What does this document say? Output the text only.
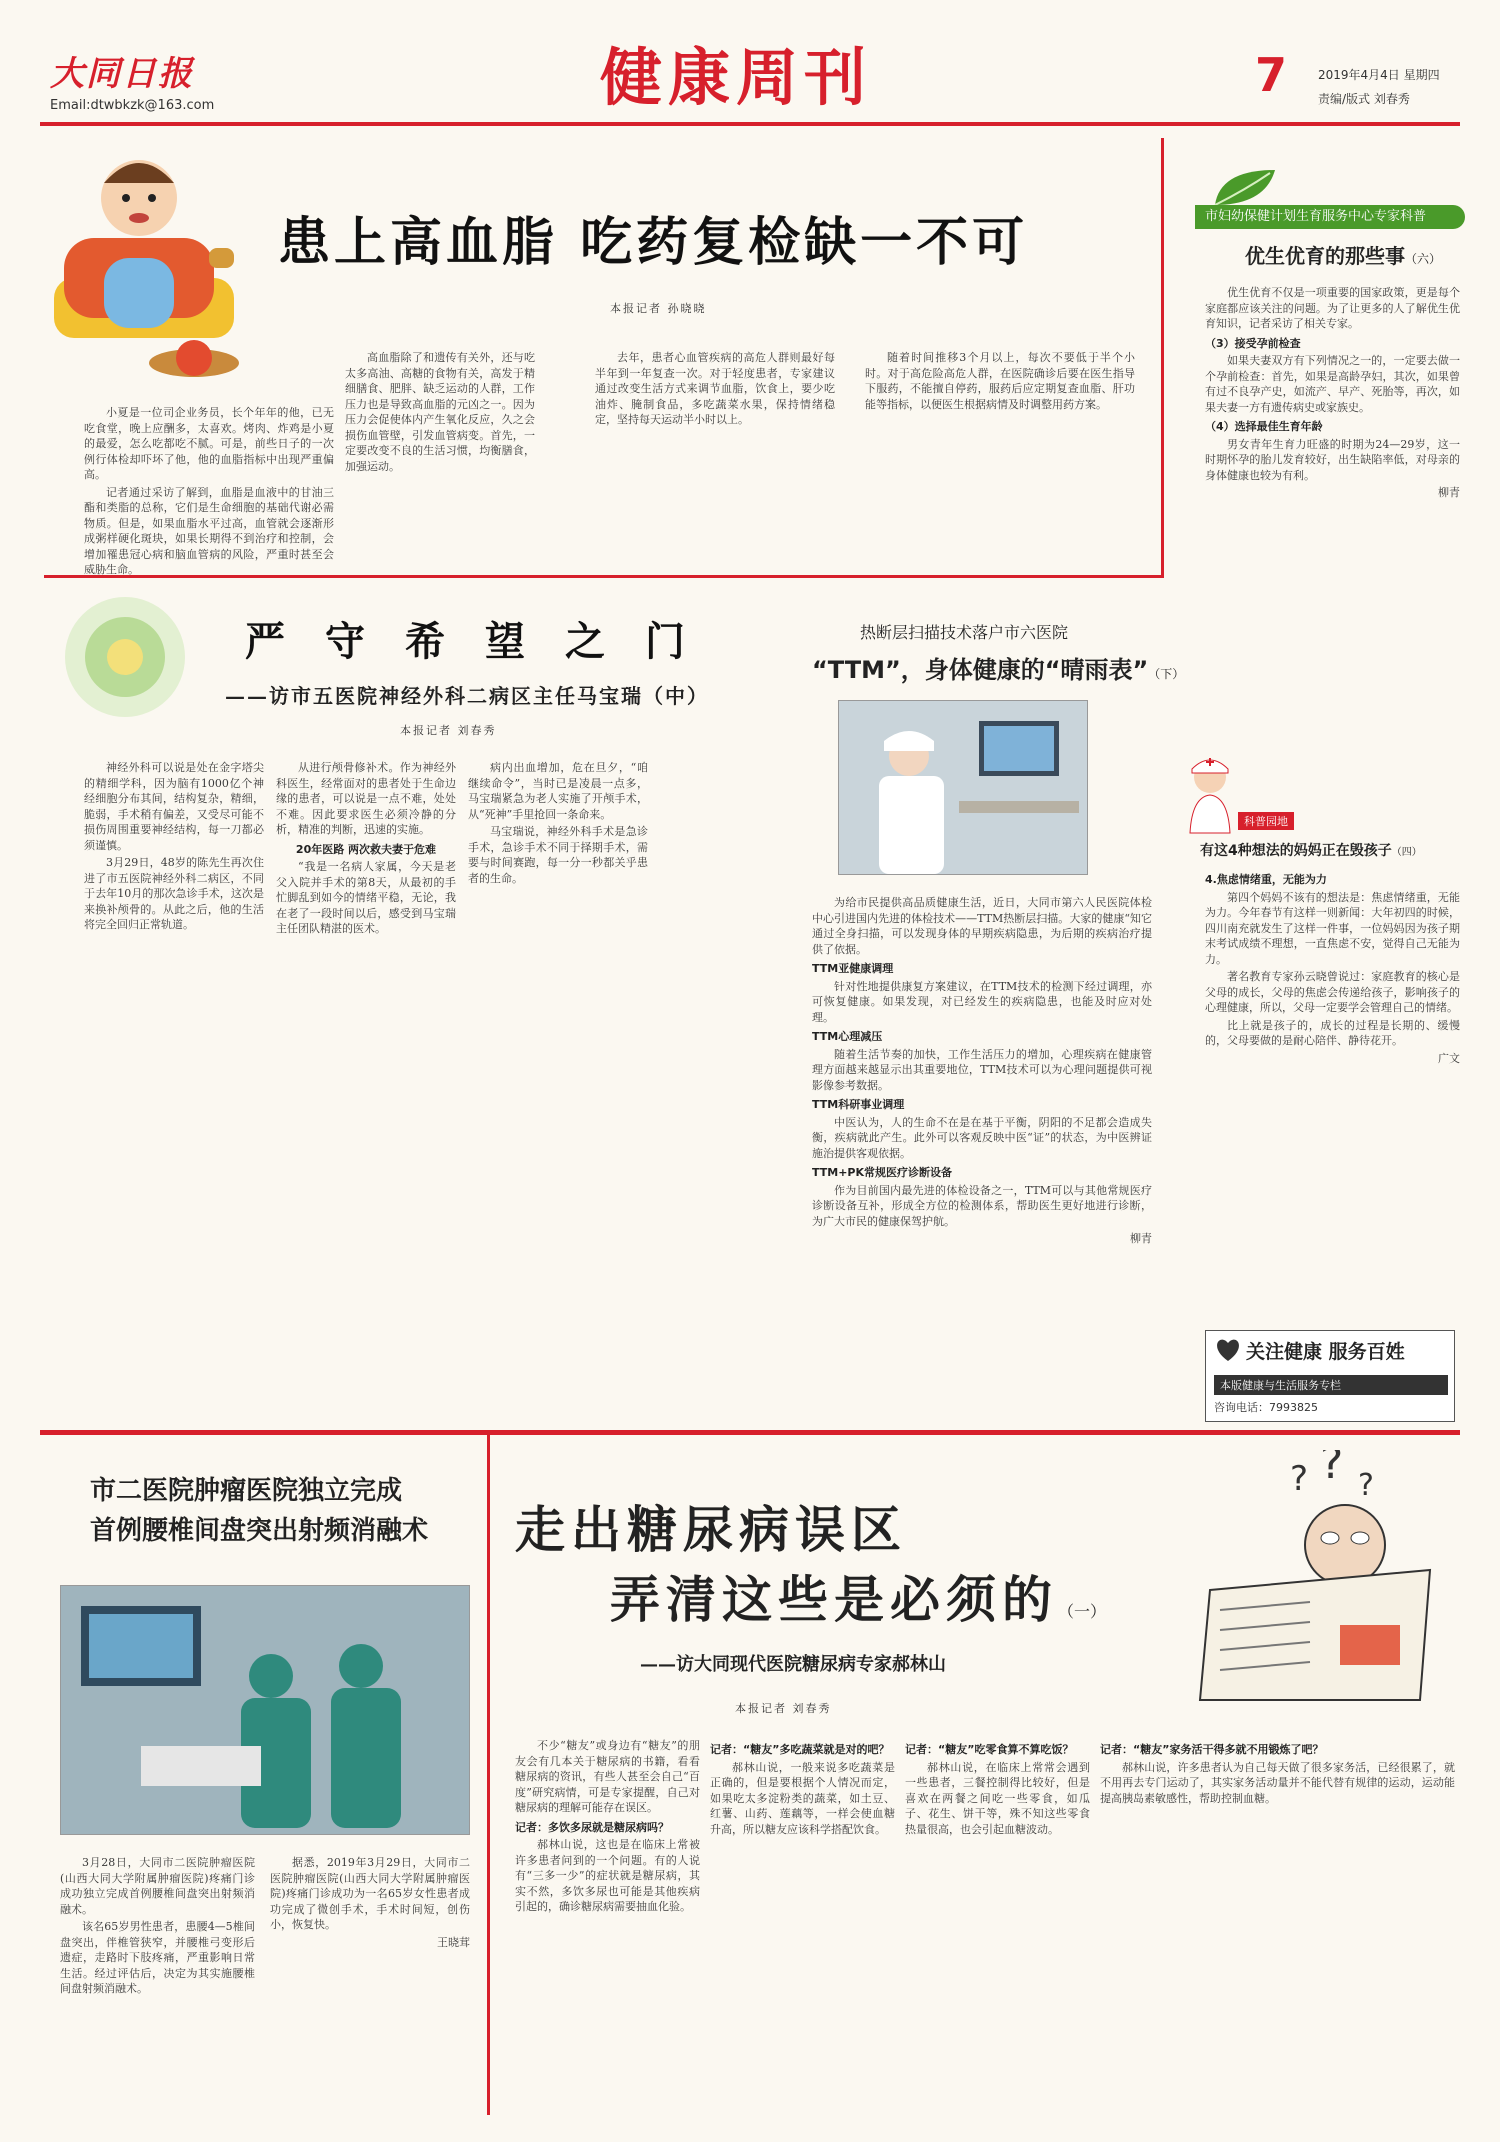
大同日报
Email:dtwbkzk@163.com	健康周刊	7	2019年4月4日 星期四
责编/版式 刘春秀
患上高血脂 吃药复检缺一不可
本报记者 孙晓晓

小夏是一位司企业务员，长个年年的他，已无吃食堂，晚上应酬多，太喜欢。烤肉、炸鸡是小夏的最爱，怎么吃都吃不腻。可是，前些日子的一次例行体检却吓坏了他，他的血脂指标中出现严重偏高。

记者通过采访了解到，血脂是血液中的甘油三酯和类脂的总称，它们是生命细胞的基础代谢必需物质。但是，如果血脂水平过高，血管就会逐渐形成粥样硬化斑块，如果长期得不到治疗和控制，会增加罹患冠心病和脑血管病的风险，严重时甚至会威胁生命。

高血脂除了和遗传有关外，还与吃太多高油、高糖的食物有关，高发于精细膳食、肥胖、缺乏运动的人群，工作压力也是导致高血脂的元凶之一。因为压力会促使体内产生氧化反应，久之会损伤血管壁，引发血管病变。首先，一定要改变不良的生活习惯，均衡膳食，加强运动。

去年，患者心血管疾病的高危人群则最好每半年到一年复查一次。对于轻度患者，专家建议通过改变生活方式来调节血脂，饮食上，要少吃油炸、腌制食品，多吃蔬菜水果，保持情绪稳定，坚持每天运动半小时以上。

随着时间推移3个月以上，每次不要低于半个小时。对于高危险高危人群，在医院确诊后要在医生指导下服药，不能擅自停药，服药后应定期复查血脂、肝功能等指标，以便医生根据病情及时调整用药方案。

市妇幼保健计划生育服务中心专家科普
优生优育的那些事（六）

优生优育不仅是一项重要的国家政策，更是每个家庭都应该关注的问题。为了让更多的人了解优生优育知识，记者采访了相关专家。

（3）接受孕前检查

如果夫妻双方有下列情况之一的，一定要去做一个孕前检查：首先，如果是高龄孕妇，其次，如果曾有过不良孕产史，如流产、早产、死胎等，再次，如果夫妻一方有遗传病史或家族史。

（4）选择最佳生育年龄

男女青年生育力旺盛的时期为24—29岁，这一时期怀孕的胎儿发育较好，出生缺陷率低，对母亲的身体健康也较为有利。

柳青

严守希望之门
——访市五医院神经外科二病区主任马宝瑞（中）
本报记者 刘春秀

神经外科可以说是处在金字塔尖的精细学科，因为脑有1000亿个神经细胞分布其间，结构复杂，精细，脆弱，手术稍有偏差，又受尽可能不损伤周围重要神经结构，每一刀都必须谨慎。

3月29日，48岁的陈先生再次住进了市五医院神经外科二病区，不同于去年10月的那次急诊手术，这次是来换补颅骨的。从此之后，他的生活将完全回归正常轨道。

从进行颅骨修补术。作为神经外科医生，经常面对的患者处于生命边缘的患者，可以说是一点不难，处处不难。因此要求医生必须冷静的分析，精准的判断，迅速的实施。

20年医路 两次救夫妻于危难

“我是一名病人家属，今天是老父入院并手术的第8天，从最初的手忙脚乱到如今的情绪平稳，无论，我在老了一段时间以后，感受到马宝瑞主任团队精湛的医术。

病内出血增加，危在旦夕，“咱继续命令”，当时已是凌晨一点多，马宝瑞紧急为老人实施了开颅手术，从“死神”手里抢回一条命来。

马宝瑞说，神经外科手术是急诊手术，急诊手术不同于择期手术，需要与时间赛跑，每一分一秒都关乎患者的生命。

热断层扫描技术落户市六医院
“TTM”，身体健康的“晴雨表”（下）

为给市民提供高品质健康生活，近日，大同市第六人民医院体检中心引进国内先进的体检技术——TTM热断层扫描。大家的健康“知它通过全身扫描，可以发现身体的早期疾病隐患，为后期的疾病治疗提供了依据。

TTM亚健康调理

针对性地提供康复方案建议，在TTM技术的检测下经过调理，亦可恢复健康。如果发现，对已经发生的疾病隐患，也能及时应对处理。

TTM心理减压

随着生活节奏的加快，工作生活压力的增加，心理疾病在健康管理方面越来越显示出其重要地位，TTM技术可以为心理问题提供可视影像参考数据。

TTM科研事业调理

中医认为，人的生命不在是在基于平衡，阴阳的不足都会造成失衡，疾病就此产生。此外可以客观反映中医“证”的状态，为中医辨证施治提供客观依据。

TTM+PK常规医疗诊断设备

作为目前国内最先进的体检设备之一，TTM可以与其他常规医疗诊断设备互补，形成全方位的检测体系，帮助医生更好地进行诊断，为广大市民的健康保驾护航。

柳青

科普园地
有这4种想法的妈妈正在毁孩子（四）
4.焦虑情绪重，无能为力

第四个妈妈不该有的想法是：焦虑情绪重，无能为力。今年春节有这样一则新闻：大年初四的时候，四川南充就发生了这样一件事，一位妈妈因为孩子期末考试成绩不理想，一直焦虑不安，觉得自己无能为力。

著名教育专家孙云晓曾说过：家庭教育的核心是父母的成长，父母的焦虑会传递给孩子，影响孩子的心理健康，所以，父母一定要学会管理自己的情绪。

比上就是孩子的，成长的过程是长期的、缓慢的，父母要做的是耐心陪伴、静待花开。

广文

关注健康 服务百姓
本版健康与生活服务专栏
咨询电话：7993825
市二医院肿瘤医院独立完成
首例腰椎间盘突出射频消融术

3月28日，大同市二医院肿瘤医院(山西大同大学附属肿瘤医院)疼痛门诊成功独立完成首例腰椎间盘突出射频消融术。

该名65岁男性患者，患腰4—5椎间盘突出，伴椎管狭窄，并腰椎弓变形后遗症，走路时下肢疼痛，严重影响日常生活。经过评估后，决定为其实施腰椎间盘射频消融术。

据悉，2019年3月29日，大同市二医院肿瘤医院(山西大同大学附属肿瘤医院)疼痛门诊成功为一名65岁女性患者成功完成了微创手术，手术时间短，创伤小，恢复快。

王晓茸

走出糖尿病误区
弄清这些是必须的（一）
——访大同现代医院糖尿病专家郝林山
本报记者 刘春秀
? ? ?

不少“糖友”或身边有“糖友”的朋友会有几本关于糖尿病的书籍，看看糖尿病的资讯，有些人甚至会自己“百度”研究病情，可是专家提醒，自己对糖尿病的理解可能存在误区。

记者：多饮多尿就是糖尿病吗？

郝林山说，这也是在临床上常被许多患者问到的一个问题。有的人说有“三多一少”的症状就是糖尿病，其实不然，多饮多尿也可能是其他疾病引起的，确诊糖尿病需要抽血化验。

记者：“糖友”多吃蔬菜就是对的吧？

郝林山说，一般来说多吃蔬菜是正确的，但是要根据个人情况而定，如果吃太多淀粉类的蔬菜，如土豆、红薯、山药、莲藕等，一样会使血糖升高，所以糖友应该科学搭配饮食。

记者：“糖友”吃零食算不算吃饭？

郝林山说，在临床上常常会遇到一些患者，三餐控制得比较好，但是喜欢在两餐之间吃一些零食，如瓜子、花生、饼干等，殊不知这些零食热量很高，也会引起血糖波动。

记者：“糖友”家务活干得多就不用锻炼了吧？

郝林山说，许多患者认为自己每天做了很多家务活，已经很累了，就不用再去专门运动了，其实家务活动量并不能代替有规律的运动，运动能提高胰岛素敏感性，帮助控制血糖。
